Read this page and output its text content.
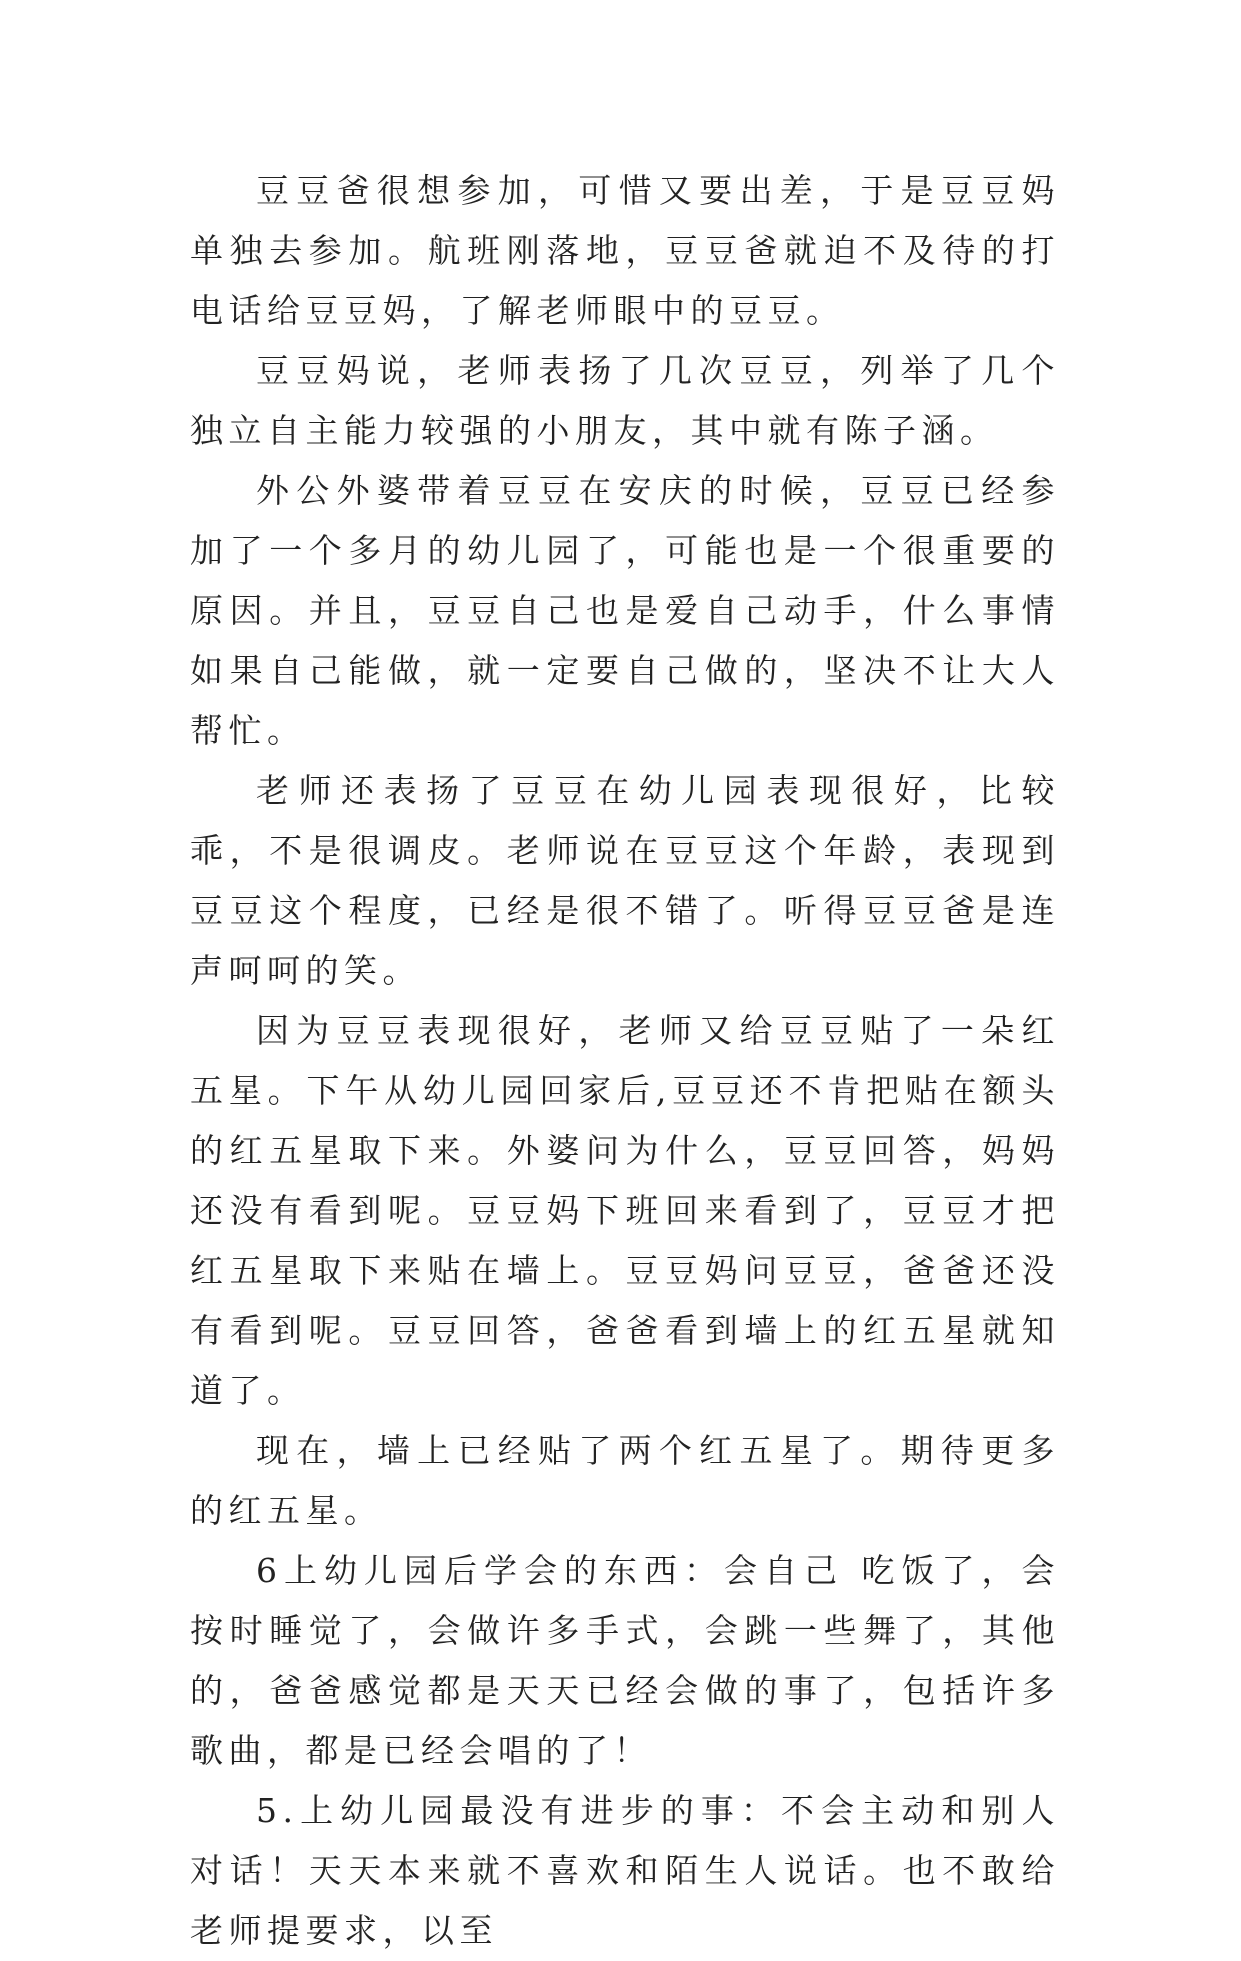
豆豆爸很想参加，可惜又要出差，于是豆豆妈单独去参加。航班刚落地，豆豆爸就迫不及待的打电话给豆豆妈，了解老师眼中的豆豆。

豆豆妈说，老师表扬了几次豆豆，列举了几个独立自主能力较强的小朋友，其中就有陈子涵。

外公外婆带着豆豆在安庆的时候，豆豆已经参加了一个多月的幼儿园了，可能也是一个很重要的原因。并且，豆豆自己也是爱自己动手，什么事情如果自己能做，就一定要自己做的，坚决不让大人帮忙。

老师还表扬了豆豆在幼儿园表现很好，比较乖，不是很调皮。老师说在豆豆这个年龄，表现到豆豆这个程度，已经是很不错了。听得豆豆爸是连声呵呵的笑。

因为豆豆表现很好，老师又给豆豆贴了一朵红五星。下午从幼儿园回家后,豆豆还不肯把贴在额头的红五星取下来。外婆问为什么，豆豆回答，妈妈还没有看到呢。豆豆妈下班回来看到了，豆豆才把红五星取下来贴在墙上。豆豆妈问豆豆，爸爸还没有看到呢。豆豆回答，爸爸看到墙上的红五星就知道了。

现在，墙上已经贴了两个红五星了。期待更多的红五星。

6上幼儿园后学会的东西：会自己 吃饭了，会按时睡觉了，会做许多手式，会跳一些舞了，其他的，爸爸感觉都是天天已经会做的事了，包括许多歌曲，都是已经会唱的了！

5.上幼儿园最没有进步的事：不会主动和别人对话！天天本来就不喜欢和陌生人说话。也不敢给老师提要求，以至
